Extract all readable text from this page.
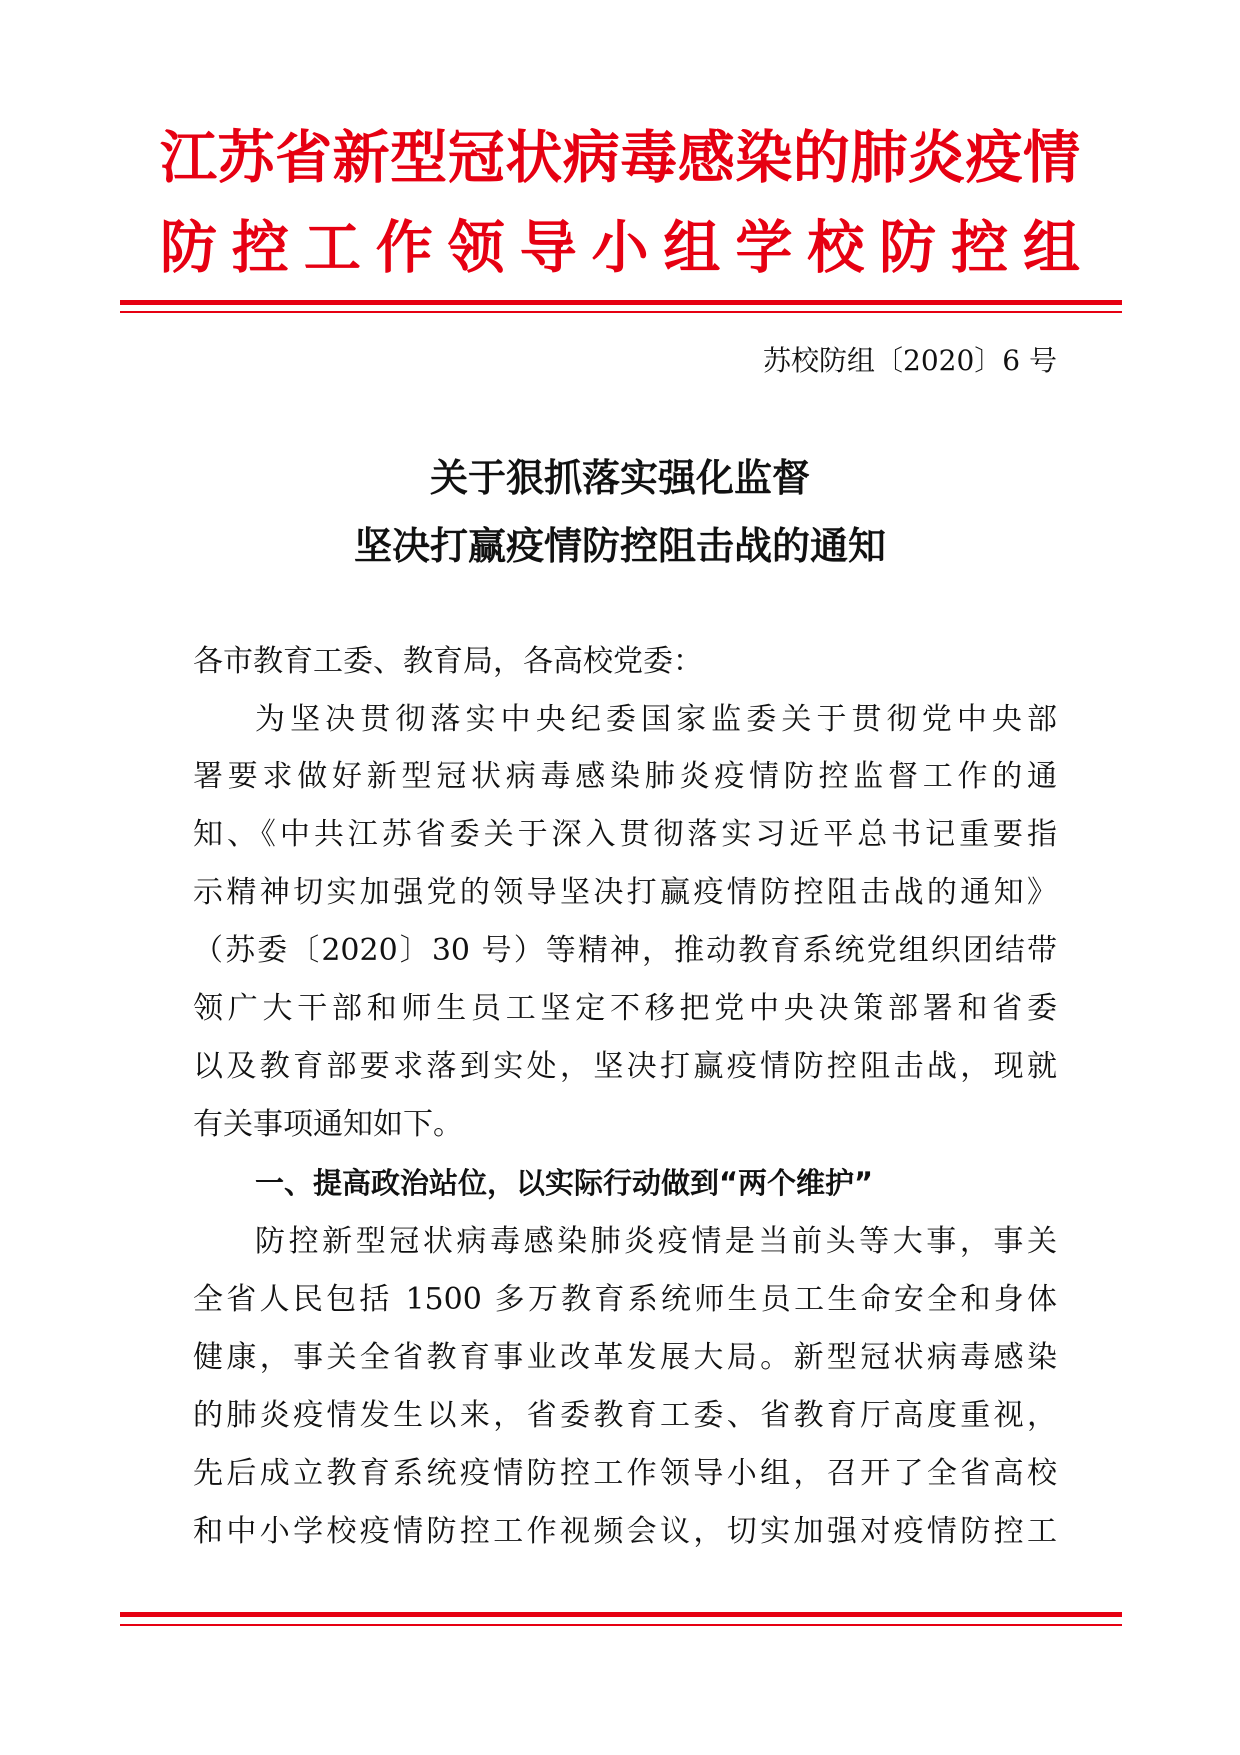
江苏省新型冠状病毒感染的肺炎疫情
防控工作领导小组学校防控组
苏校防组〔2020〕6 号
关于狠抓落实强化监督
坚决打赢疫情防控阻击战的通知
各市教育工委、教育局，各高校党委：
为坚决贯彻落实中央纪委国家监委关于贯彻党中央部
署要求做好新型冠状病毒感染肺炎疫情防控监督工作的通
知、《中共江苏省委关于深入贯彻落实习近平总书记重要指
示精神切实加强党的领导坚决打赢疫情防控阻击战的通知》
（苏委〔2020〕30 号）等精神，推动教育系统党组织团结带
领广大干部和师生员工坚定不移把党中央决策部署和省委
以及教育部要求落到实处，坚决打赢疫情防控阻击战，现就
有关事项通知如下。
一、提高政治站位，以实际行动做到“两个维护”
防控新型冠状病毒感染肺炎疫情是当前头等大事，事关
全省人民包括 1500 多万教育系统师生员工生命安全和身体
健康，事关全省教育事业改革发展大局。新型冠状病毒感染
的肺炎疫情发生以来，省委教育工委、省教育厅高度重视，
先后成立教育系统疫情防控工作领导小组，召开了全省高校
和中小学校疫情防控工作视频会议，切实加强对疫情防控工
